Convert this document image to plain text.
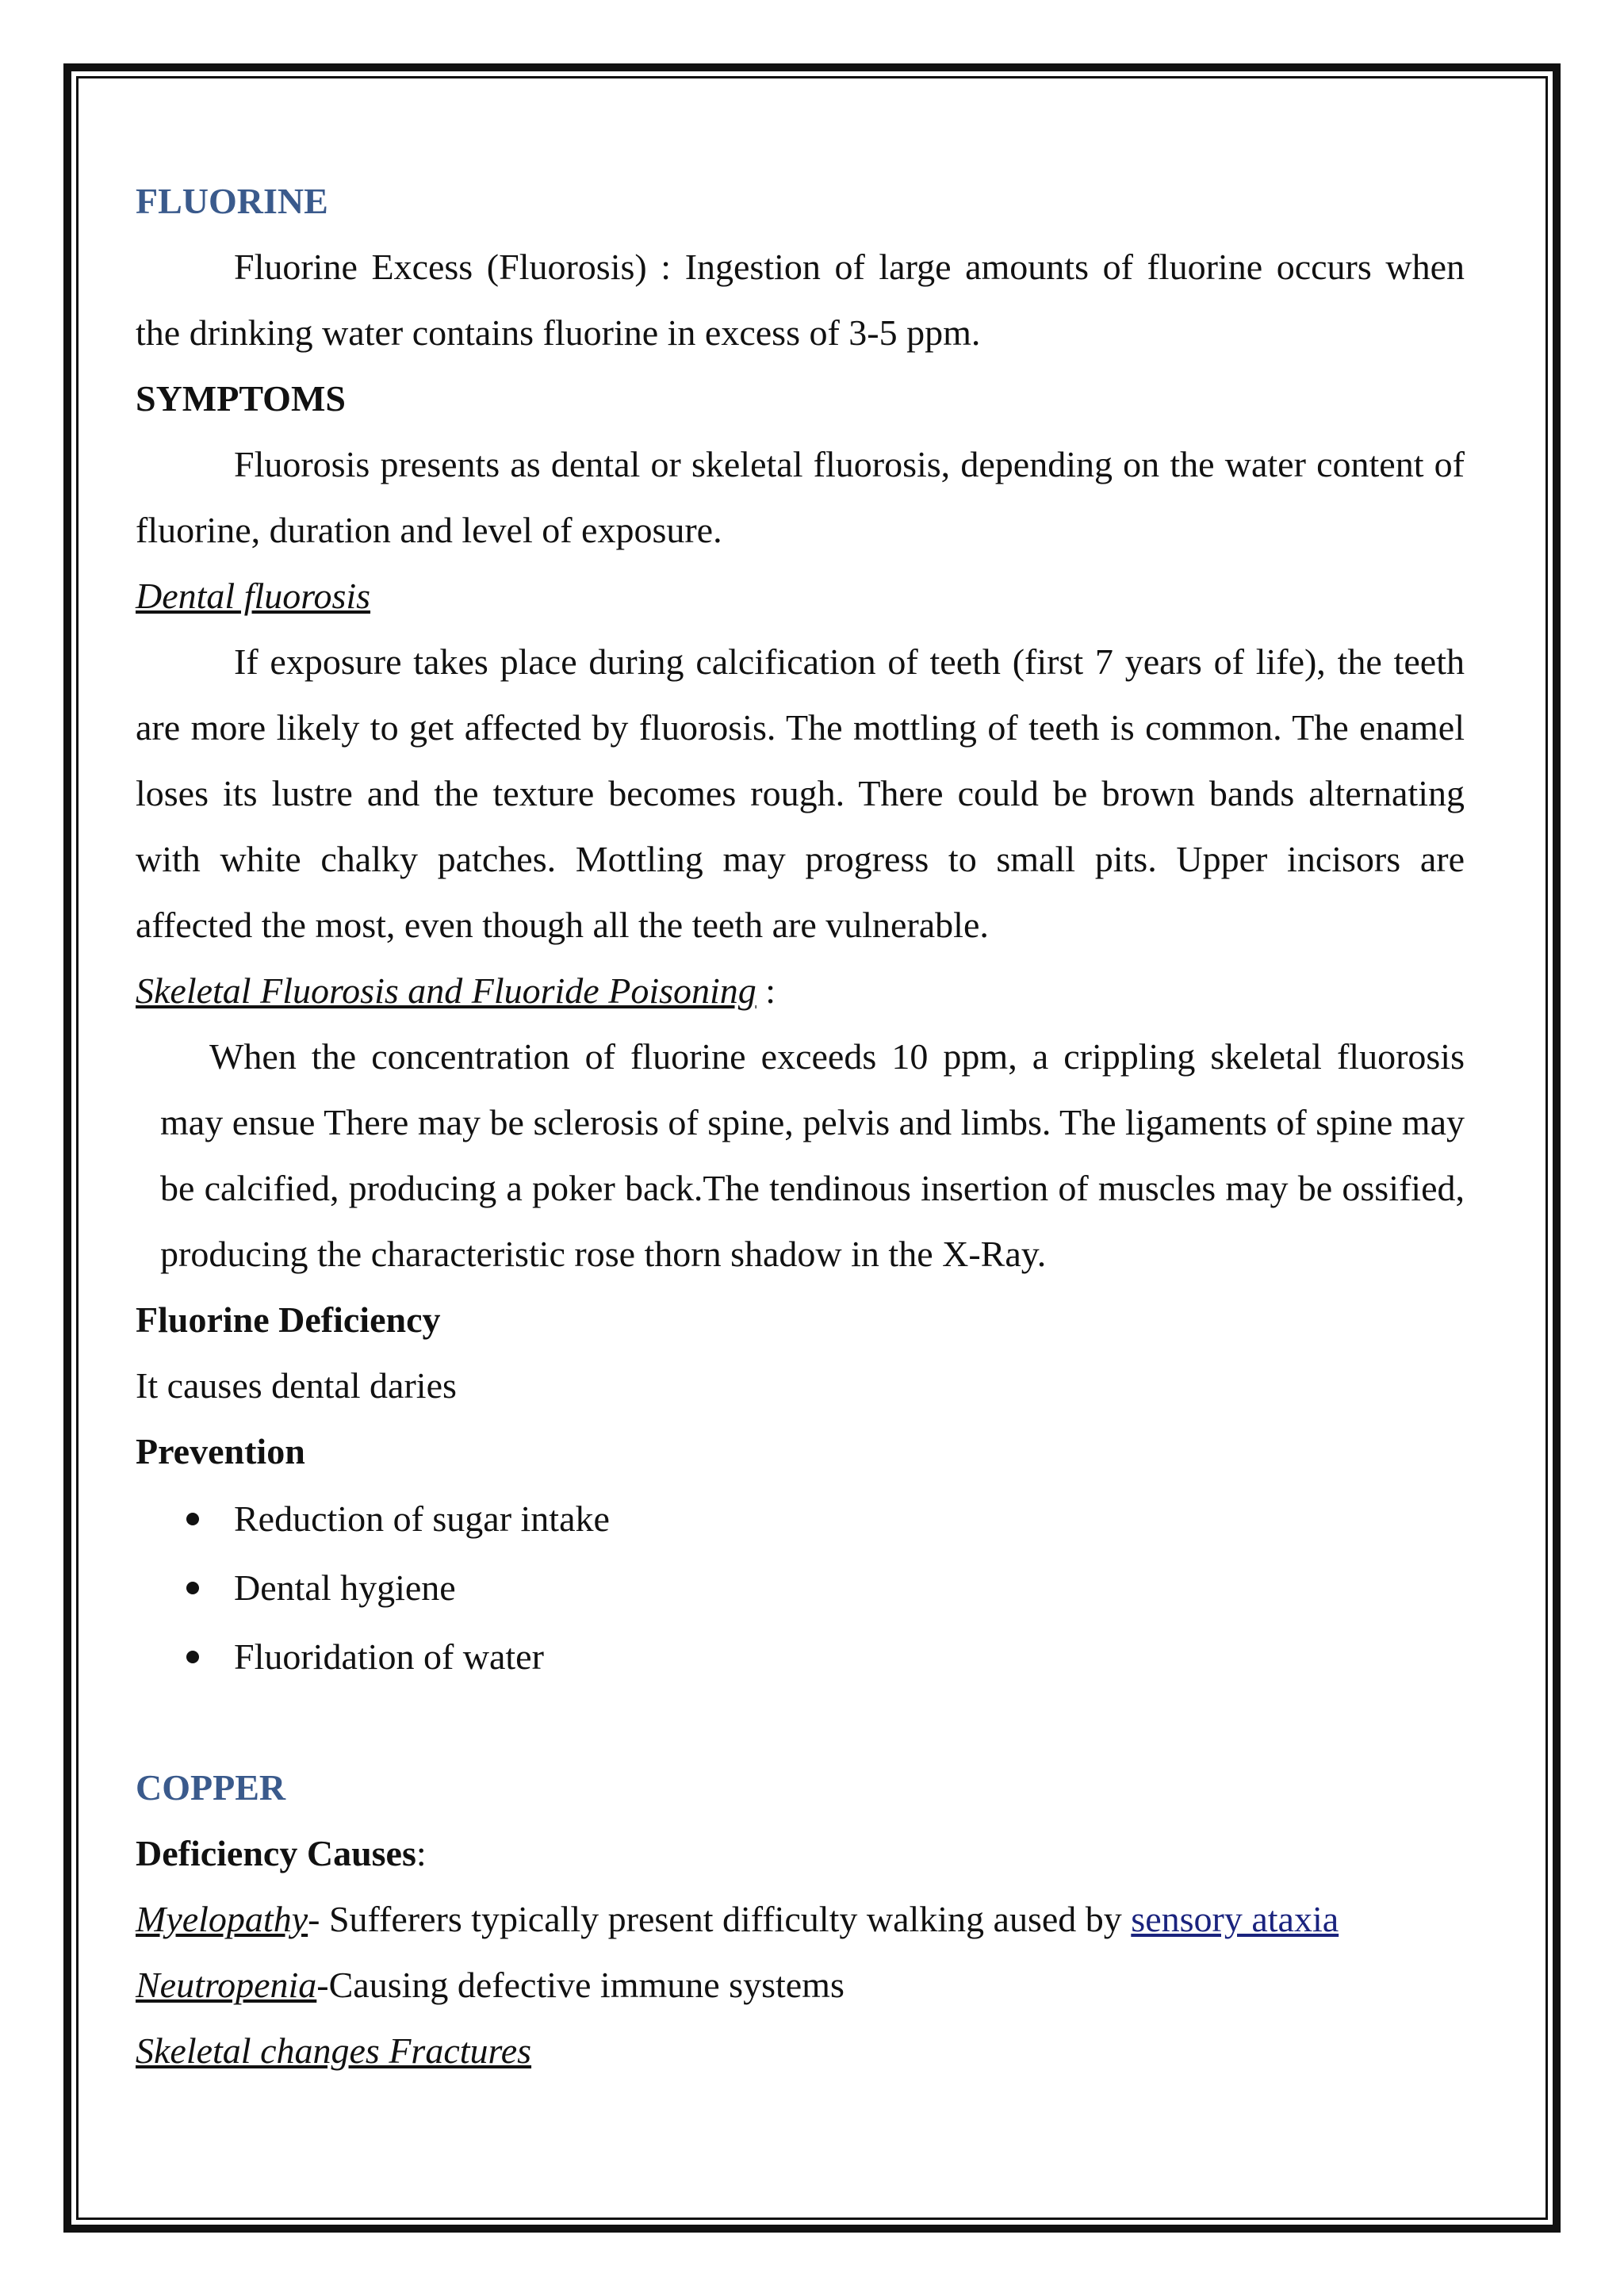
FLUORINE

Fluorine Excess (Fluorosis) : Ingestion of large amounts of fluorine occurs when the drinking water contains fluorine in excess of 3-5 ppm.

SYMPTOMS

Fluorosis presents as dental or skeletal fluorosis, depending on the water content of fluorine, duration and level of exposure.

Dental fluorosis

If exposure takes place during calcification of teeth (first 7 years of life), the teeth are more likely to get affected by fluorosis. The mottling of teeth is common. The enamel loses its lustre and the texture becomes rough. There could be brown bands alternating with white chalky patches. Mottling may progress to small pits. Upper incisors are affected the most, even though all the teeth are vulnerable.

Skeletal Fluorosis and Fluoride Poisoning :

When the concentration of fluorine exceeds 10 ppm, a crippling skeletal fluorosis may ensue There may be sclerosis of spine, pelvis and limbs. The ligaments of spine may be calcified, producing a poker back.The tendinous insertion of muscles may be ossified, producing the characteristic rose thorn shadow in the X-Ray.

Fluorine Deficiency

It causes dental daries

Prevention
Reduction of sugar intake
Dental hygiene
Fluoridation of water
COPPER

Deficiency Causes:

Myelopathy- Sufferers typically present difficulty walking aused by sensory ataxia

Neutropenia-Causing defective immune systems

Skeletal changes Fractures
